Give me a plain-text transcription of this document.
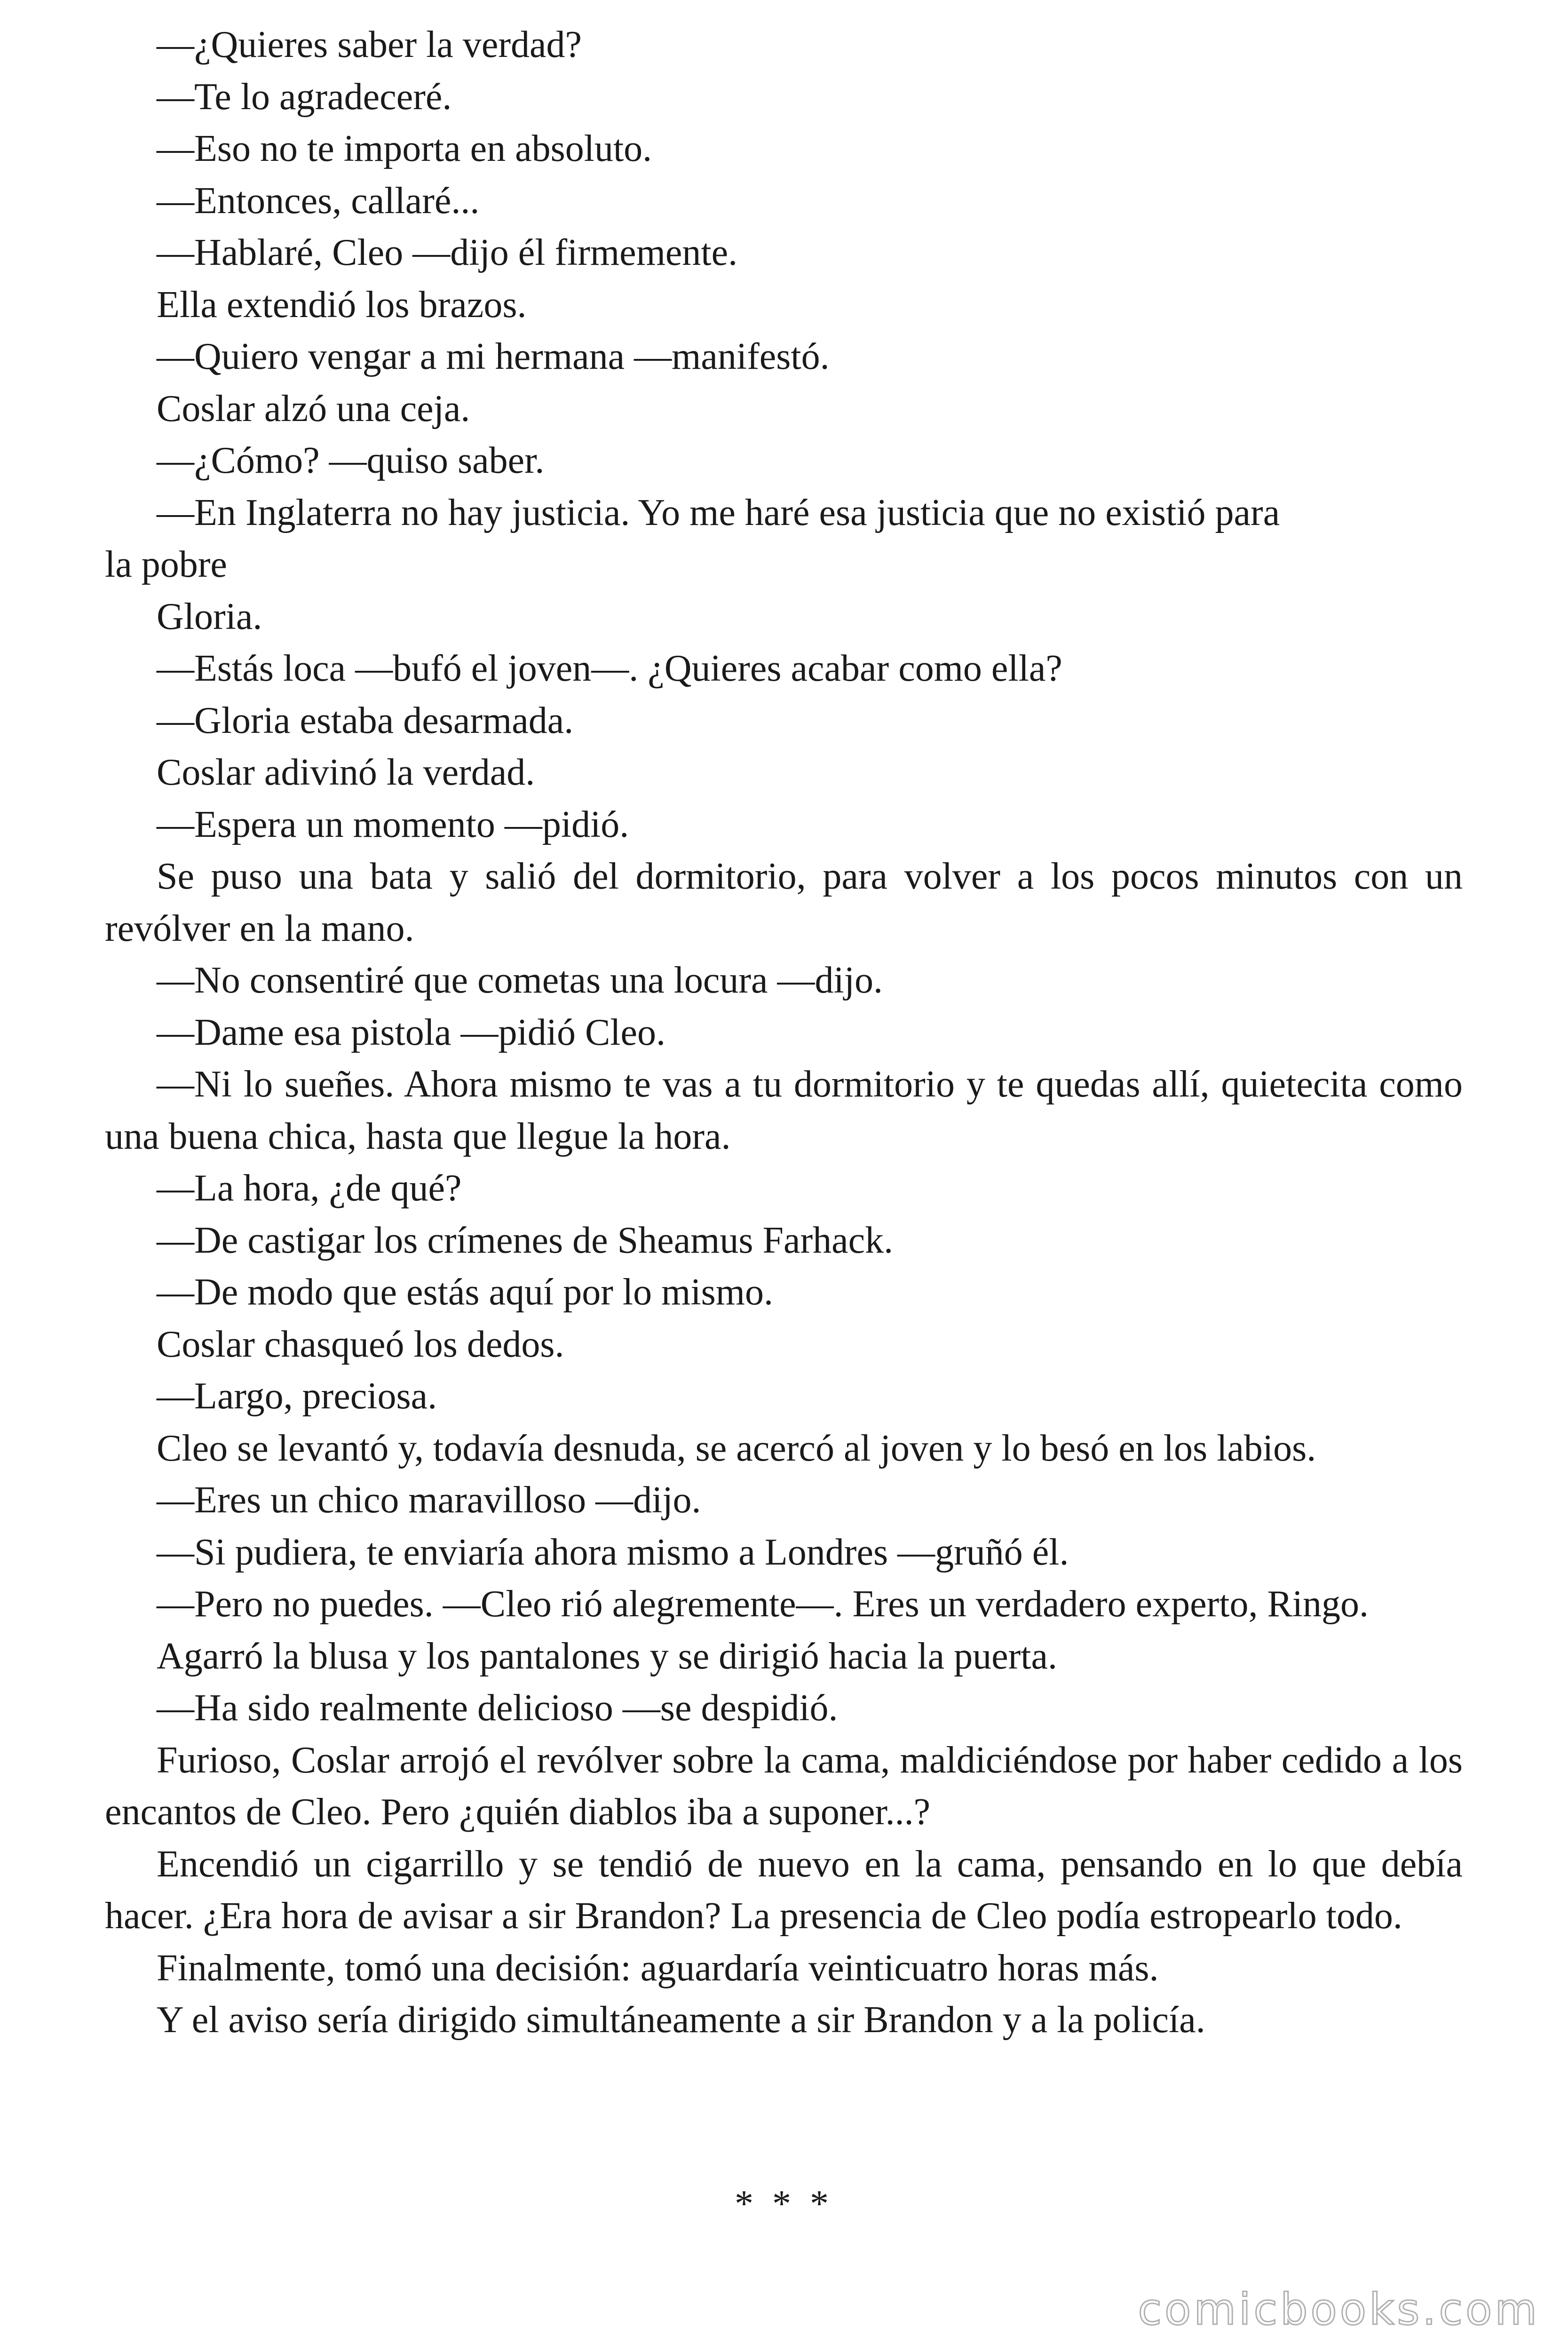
—¿Quieres saber la verdad?

—Te lo agradeceré.

—Eso no te importa en absoluto.

—Entonces, callaré...

—Hablaré, Cleo —dijo él firmemente.

Ella extendió los brazos.

—Quiero vengar a mi hermana —manifestó.

Coslar alzó una ceja.

—¿Cómo? —quiso saber.

—En Inglaterra no hay justicia. Yo me haré esa justicia que no existió para

la pobre

Gloria.

—Estás loca —bufó el joven—. ¿Quieres acabar como ella?

—Gloria estaba desarmada.

Coslar adivinó la verdad.

—Espera un momento —pidió.

Se puso una bata y salió del dormitorio, para volver a los pocos minutos con un revólver en la mano.

—No consentiré que cometas una locura —dijo.

—Dame esa pistola —pidió Cleo.

—Ni lo sueñes. Ahora mismo te vas a tu dormitorio y te quedas allí, quietecita como una buena chica, hasta que llegue la hora.

—La hora, ¿de qué?

—De castigar los crímenes de Sheamus Farhack.

—De modo que estás aquí por lo mismo.

Coslar chasqueó los dedos.

—Largo, preciosa.

Cleo se levantó y, todavía desnuda, se acercó al joven y lo besó en los labios.

—Eres un chico maravilloso —dijo.

—Si pudiera, te enviaría ahora mismo a Londres —gruñó él.

—Pero no puedes. —Cleo rió alegremente—. Eres un verdadero experto, Ringo.

Agarró la blusa y los pantalones y se dirigió hacia la puerta.

—Ha sido realmente delicioso —se despidió.

Furioso, Coslar arrojó el revólver sobre la cama, maldiciéndose por haber cedido a los encantos de Cleo. Pero ¿quién diablos iba a suponer...?

Encendió un cigarrillo y se tendió de nuevo en la cama, pensando en lo que debía hacer. ¿Era hora de avisar a sir Brandon? La presencia de Cleo podía estropearlo todo.

Finalmente, tomó una decisión: aguardaría veinticuatro horas más.

Y el aviso sería dirigido simultáneamente a sir Brandon y a la policía.

* * *
comicbooks.com
